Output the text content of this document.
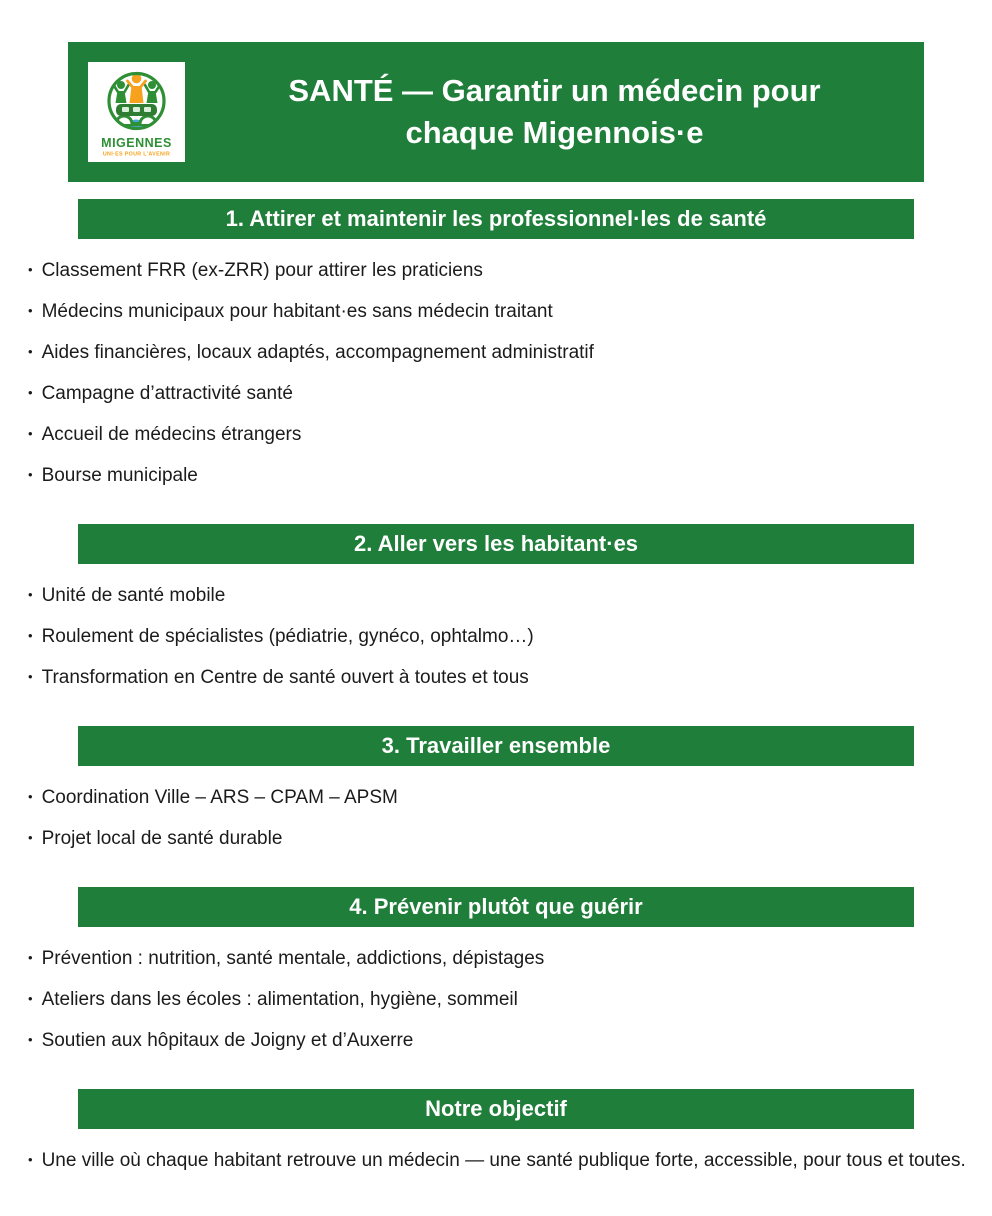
MIGENNES
UNI·ES POUR L’AVENIR
SANTÉ — Garantir un médecin pour
chaque Migennois·e
1. Attirer et maintenir les professionnel·les de santé
• Classement FRR (ex-ZRR) pour attirer les praticiens
• Médecins municipaux pour habitant·es sans médecin traitant
• Aides financières, locaux adaptés, accompagnement administratif
• Campagne d’attractivité santé
• Accueil de médecins étrangers
• Bourse municipale
2. Aller vers les habitant·es
• Unité de santé mobile
• Roulement de spécialistes (pédiatrie, gynéco, ophtalmo…)
• Transformation en Centre de santé ouvert à toutes et tous
3. Travailler ensemble
• Coordination Ville – ARS – CPAM – APSM
• Projet local de santé durable
4. Prévenir plutôt que guérir
• Prévention : nutrition, santé mentale, addictions, dépistages
• Ateliers dans les écoles : alimentation, hygiène, sommeil
• Soutien aux hôpitaux de Joigny et d’Auxerre
Notre objectif
• Une ville où chaque habitant retrouve un médecin — une santé publique forte, accessible, pour tous et toutes.
